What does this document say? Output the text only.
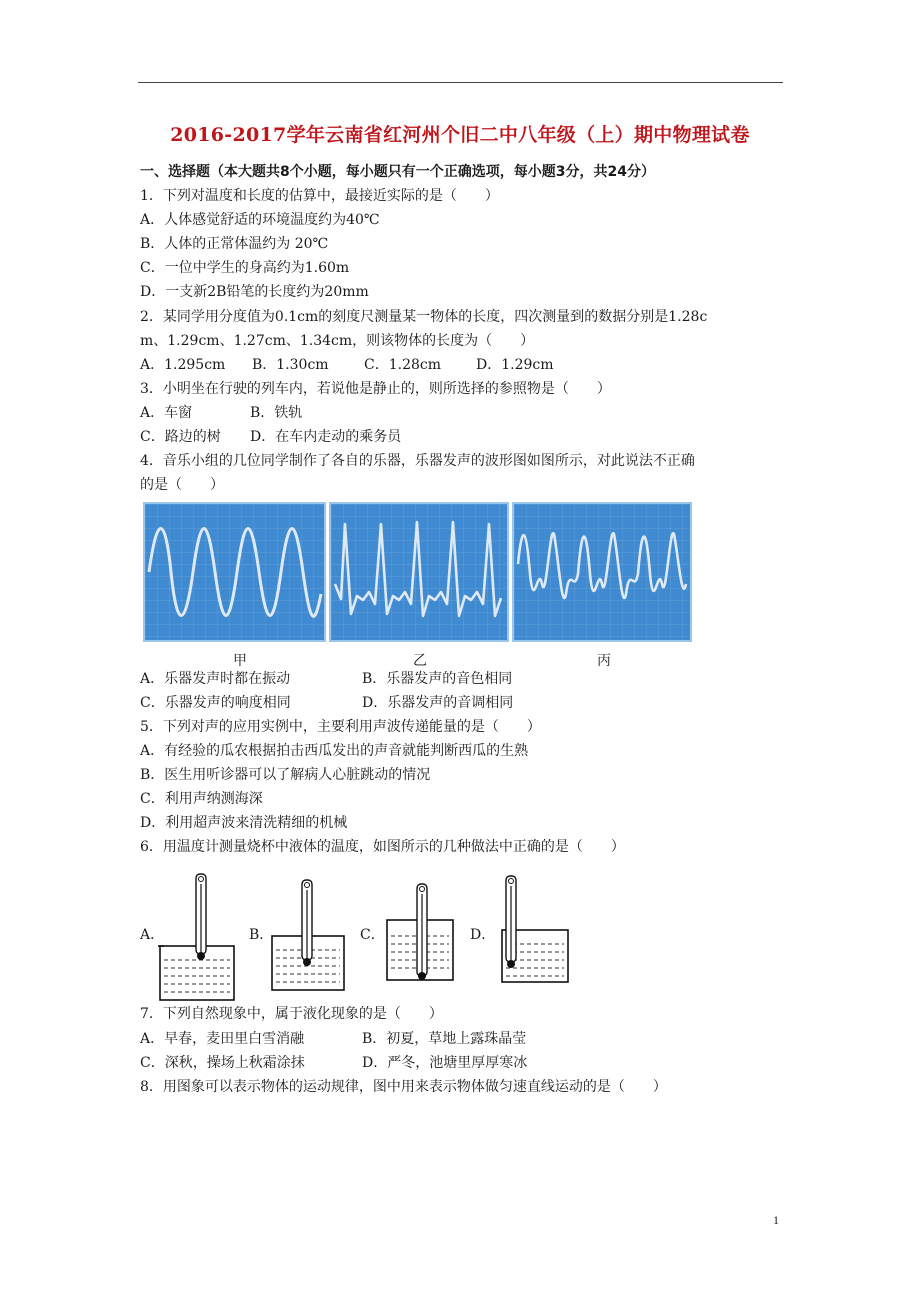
2016-2017学年云南省红河州个旧二中八年级（上）期中物理试卷
一、选择题（本大题共8个小题，每小题只有一个正确选项，每小题3分，共24分）
1．下列对温度和长度的估算中，最接近实际的是（　　）
A．人体感觉舒适的环境温度约为40℃
B．人体的正常体温约为 20℃
C．一位中学生的身高约为1.60m
D．一支新2B铅笔的长度约为20mm
2．某同学用分度值为0.1cm的刻度尺测量某一物体的长度，四次测量到的数据分别是1.28c
m、1.29cm、1.27cm、1.34cm，则该物体的长度为（　　）
A．1.295cm B．1.30cm	C．1.28cm	D．1.29cm
3．小明坐在行驶的列车内，若说他是静止的，则所选择的参照物是（　　）
A．车窗	B．铁轨
C．路边的树 D．在车内走动的乘务员
4．音乐小组的几位同学制作了各自的乐器，乐器发声的波形图如图所示，对此说法不正确
的是（　　）
甲	乙	丙
A．乐器发声时都在振动	B．乐器发声的音色相同
C．乐器发声的响度相同	D．乐器发声的音调相同
5．下列对声的应用实例中，主要利用声波传递能量的是（　　）
A．有经验的瓜农根据拍击西瓜发出的声音就能判断西瓜的生熟
B．医生用听诊器可以了解病人心脏跳动的情况
C．利用声纳测海深
D．利用超声波来清洗精细的机械
6．用温度计测量烧杯中液体的温度，如图所示的几种做法中正确的是（　　）
A．	B．	C．	D．
7．下列自然现象中，属于液化现象的是（　　）
A．早春，麦田里白雪消融	B．初夏，草地上露珠晶莹
C．深秋，操场上秋霜涂抹	D．严冬，池塘里厚厚寒冰
8．用图象可以表示物体的运动规律，图中用来表示物体做匀速直线运动的是（　　）
1
